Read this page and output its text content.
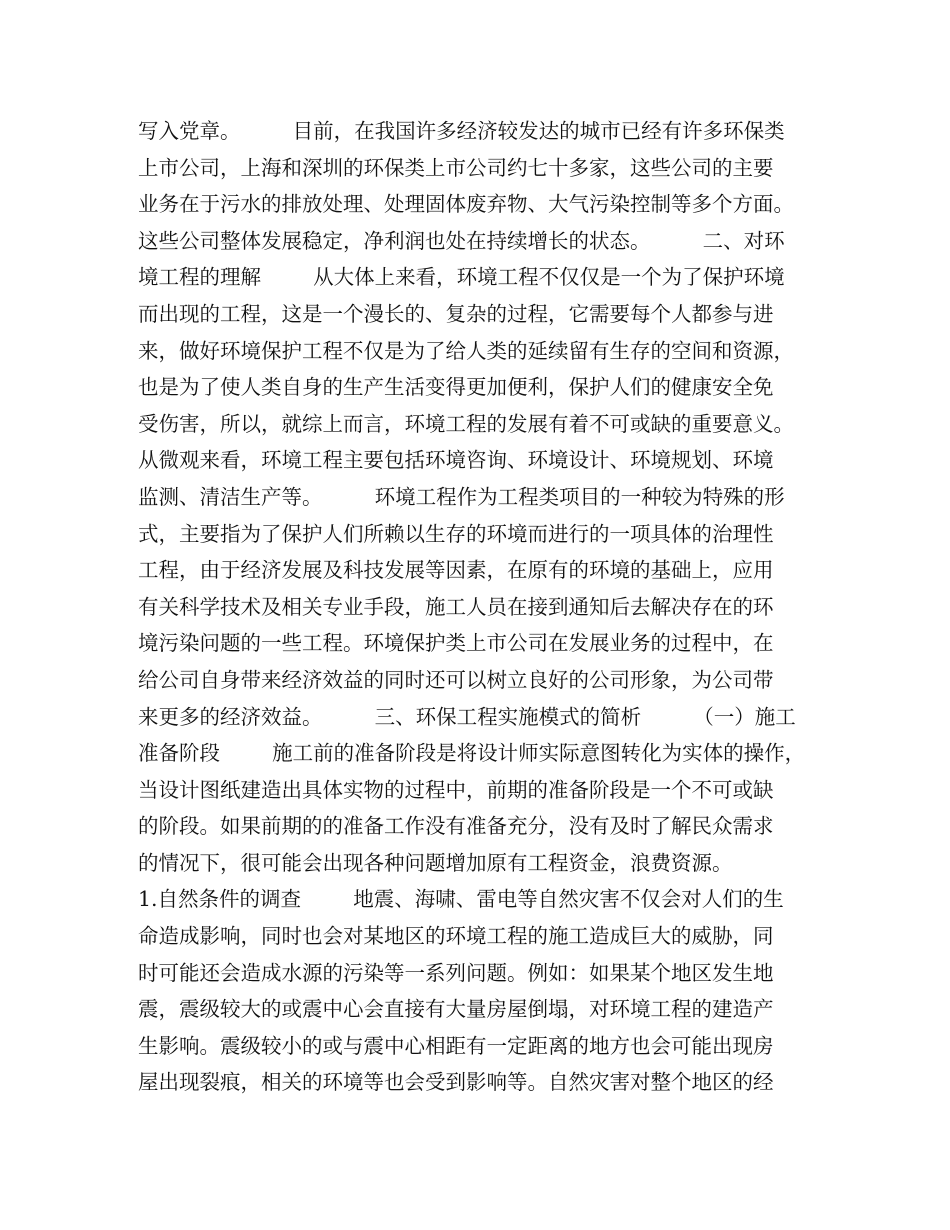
写入党章。        目前，在我国许多经济较发达的城市已经有许多环保类
上市公司，上海和深圳的环保类上市公司约七十多家，这些公司的主要
业务在于污水的排放处理、处理固体废弃物、大气污染控制等多个方面。
这些公司整体发展稳定，净利润也处在持续增长的状态。        二、对环
境工程的理解        从大体上来看，环境工程不仅仅是一个为了保护环境
而出现的工程，这是一个漫长的、复杂的过程，它需要每个人都参与进
来，做好环境保护工程不仅是为了给人类的延续留有生存的空间和资源，
也是为了使人类自身的生产生活变得更加便利，保护人们的健康安全免
受伤害，所以，就综上而言，环境工程的发展有着不可或缺的重要意义。
从微观来看，环境工程主要包括环境咨询、环境设计、环境规划、环境
监测、清洁生产等。        环境工程作为工程类项目的一种较为特殊的形
式，主要指为了保护人们所赖以生存的环境而进行的一项具体的治理性
工程，由于经济发展及科技发展等因素，在原有的环境的基础上，应用
有关科学技术及相关专业手段，施工人员在接到通知后去解决存在的环
境污染问题的一些工程。环境保护类上市公司在发展业务的过程中，在
给公司自身带来经济效益的同时还可以树立良好的公司形象，为公司带
来更多的经济效益。        三、环保工程实施模式的简析        （一）施工
准备阶段        施工前的准备阶段是将设计师实际意图转化为实体的操作，
当设计图纸建造出具体实物的过程中，前期的准备阶段是一个不可或缺
的阶段。如果前期的的准备工作没有准备充分，没有及时了解民众需求
的情况下，很可能会出现各种问题增加原有工程资金，浪费资源。
1.自然条件的调查        地震、海啸、雷电等自然灾害不仅会对人们的生
命造成影响，同时也会对某地区的环境工程的施工造成巨大的威胁，同
时可能还会造成水源的污染等一系列问题。例如：如果某个地区发生地
震，震级较大的或震中心会直接有大量房屋倒塌，对环境工程的建造产
生影响。震级较小的或与震中心相距有一定距离的地方也会可能出现房
屋出现裂痕，相关的环境等也会受到影响等。自然灾害对整个地区的经
